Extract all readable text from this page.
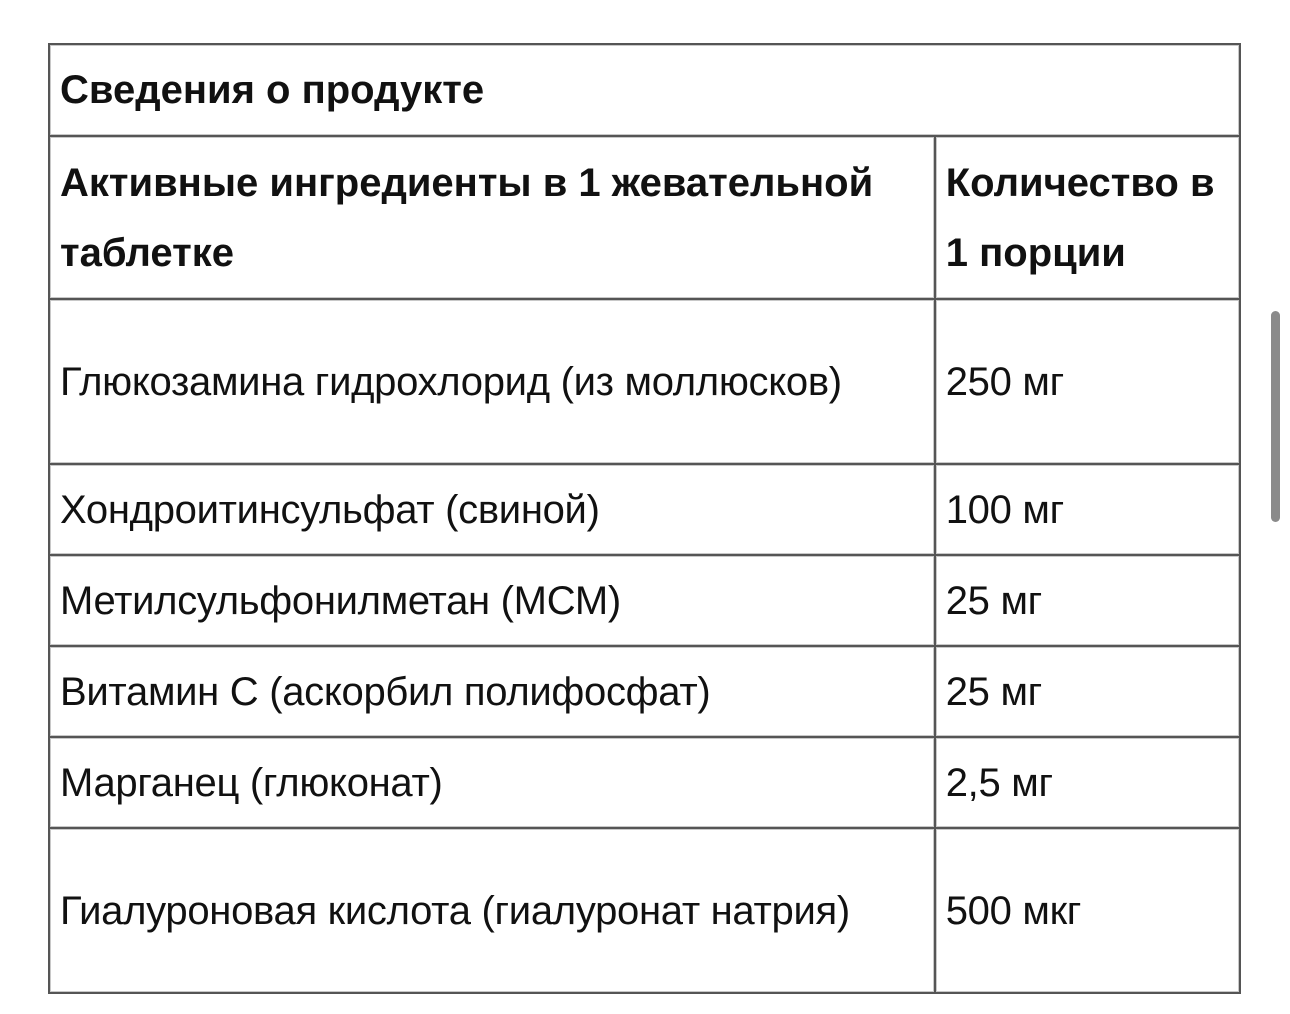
Сведения о продукте	
Активные ингредиенты в 1 жевательной таблетке	Количество в 1 порции
Глюкозамина гидрохлорид (из моллюсков)	250 мг
Хондроитинсульфат (свиной)	100 мг
Метилсульфонилметан (МСМ)	25 мг
Витамин С (аскорбил полифосфат)	25 мг
Марганец (глюконат)	2,5 мг
Гиалуроновая кислота (гиалуронат натрия)	500 мкг
